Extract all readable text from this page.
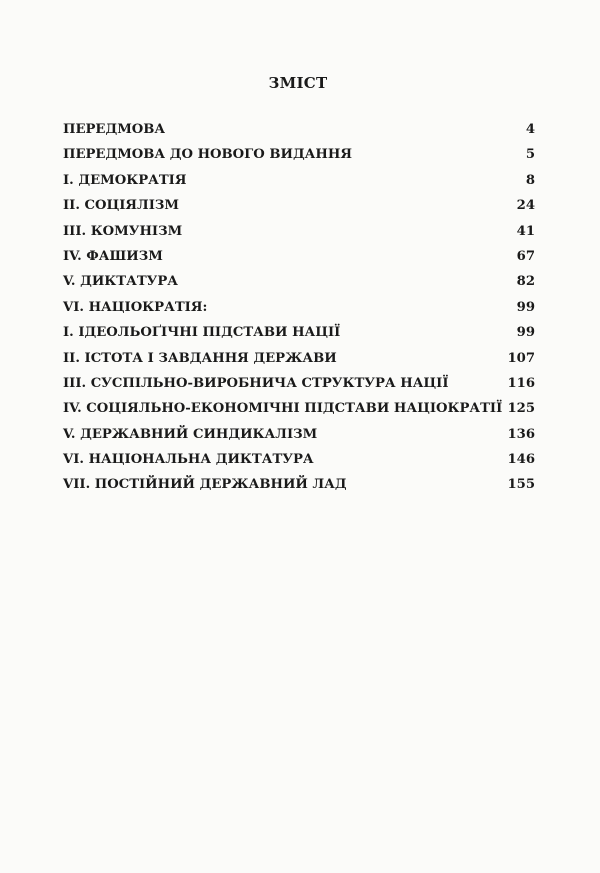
ЗМІСТ
ПЕРЕДМОВА	4
ПЕРЕДМОВА ДО НОВОГО ВИДАННЯ	5
І. ДЕМОКРАТІЯ	8
ІІ. СОЦІЯЛІЗМ	24
ІІІ. КОМУНІЗМ	41
IV. ФАШИЗМ	67
V. ДИКТАТУРА	82
VI. НАЦІОКРАТІЯ:	99
І. ІДЕОЛЬОҐІЧНІ ПІДСТАВИ НАЦІЇ	99
ІІ. ІСТОТА І ЗАВДАННЯ ДЕРЖАВИ	107
ІІІ. СУСПІЛЬНО-ВИРОБНИЧА СТРУКТУРА НАЦІЇ	116
IV. СОЦІЯЛЬНО-ЕКОНОМІЧНІ ПІДСТАВИ НАЦІОКРАТІЇ 125
V. ДЕРЖАВНИЙ СИНДИКАЛІЗМ	136
VI. НАЦІОНАЛЬНА ДИКТАТУРА	146
VII. ПОСТІЙНИЙ ДЕРЖАВНИЙ ЛАД	155
